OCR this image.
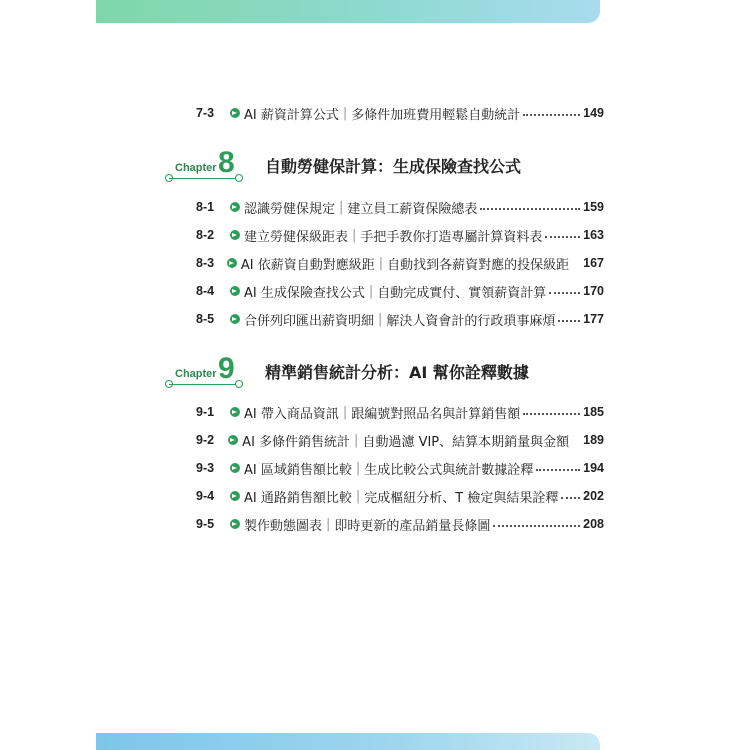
7-3	AI 薪資計算公式 | 多條件加班費用輕鬆自動統計	149
Chapter 8 自動勞健保計算：生成保險查找公式
8-1	認識勞健保規定 | 建立員工薪資保險總表	159
8-2	建立勞健保級距表 | 手把手教你打造專屬計算資料表	163
8-3 AI 依薪資自動對應級距 | 自動找到各薪資對應的投保級距 167
8-4	AI 生成保險查找公式 | 自動完成實付、實領薪資計算	170
8-5	合併列印匯出薪資明細 | 解決人資會計的行政瑣事麻煩 177
Chapter 9 精準銷售統計分析：AI 幫你詮釋數據
9-1	AI 帶入商品資訊 | 跟編號對照品名與計算銷售額	185
9-2	AI 多條件銷售統計 | 自動過濾 VIP、結算本期銷量與金額 189
9-3	AI 區域銷售額比較 | 生成比較公式與統計數據詮釋	194
9-4	AI 通路銷售額比較 | 完成樞紐分析、T 檢定與結果詮釋 202
9-5	製作動態圖表 | 即時更新的產品銷量長條圖	208
